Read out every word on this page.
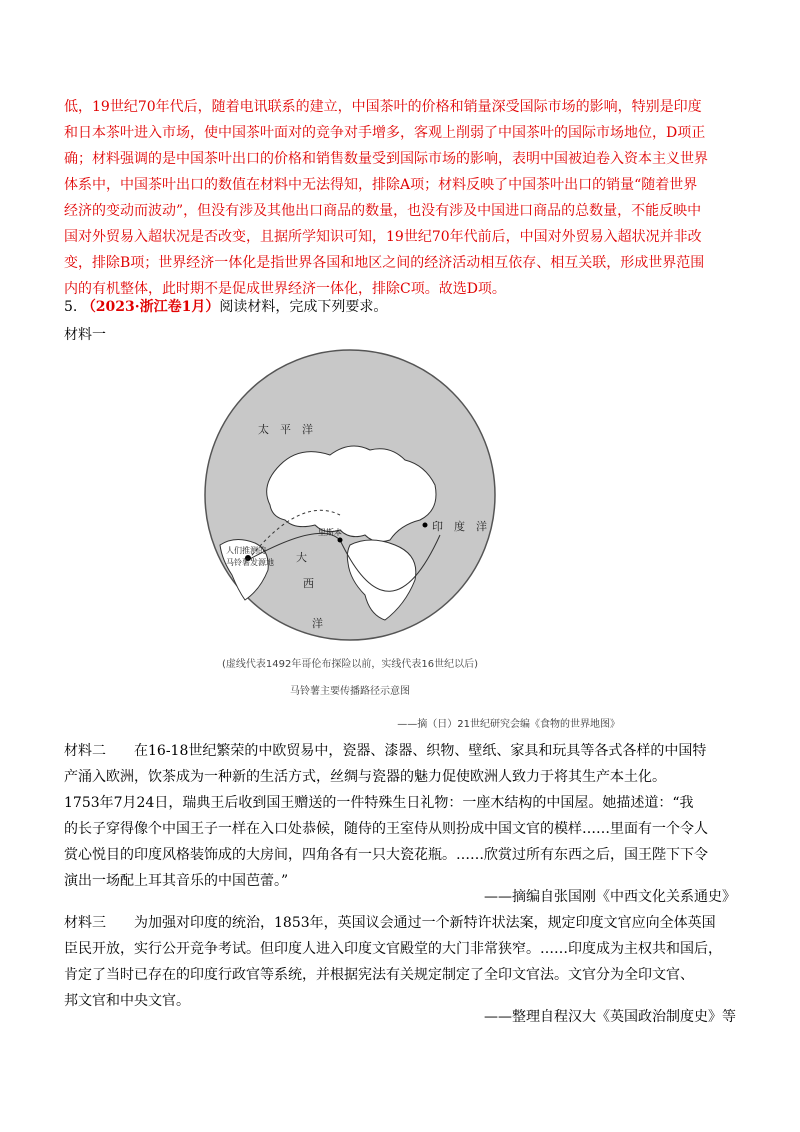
低，19世纪70年代后，随着电讯联系的建立，中国茶叶的价格和销量深受国际市场的影响，特别是印度
和日本茶叶进入市场，使中国茶叶面对的竞争对手增多，客观上削弱了中国茶叶的国际市场地位，D项正
确；材料强调的是中国茶叶出口的价格和销售数量受到国际市场的影响，表明中国被迫卷入资本主义世界
体系中，中国茶叶出口的数值在材料中无法得知，排除A项；材料反映了中国茶叶出口的销量“随着世界
经济的变动而波动”，但没有涉及其他出口商品的数量，也没有涉及中国进口商品的总数量，不能反映中
国对外贸易入超状况是否改变，且据所学知识可知，19世纪70年代前后，中国对外贸易入超状况并非改
变，排除B项；世界经济一体化是指世界各国和地区之间的经济活动相互依存、相互关联，形成世界范围
内的有机整体，此时期不是促成世界经济一体化，排除C项。故选D项。
5. （2023·浙江卷1月）阅读材料，完成下列要求。
材料一
太　平　洋
印　度　洋
大
西
洋
人们推测的
马铃薯发源地
里斯本
(虚线代表1492年哥伦布探险以前，实线代表16世纪以后)
马铃薯主要传播路径示意图
——摘（日）21世纪研究会编《食物的世界地图》
材料二 在16-18世纪繁荣的中欧贸易中，瓷器、漆器、织物、壁纸、家具和玩具等各式各样的中国特
产涌入欧洲，饮茶成为一种新的生活方式，丝绸与瓷器的魅力促使欧洲人致力于将其生产本土化。
1753年7月24日，瑞典王后收到国王赠送的一件特殊生日礼物：一座木结构的中国屋。她描述道：“我
的长子穿得像个中国王子一样在入口处恭候，随侍的王室侍从则扮成中国文官的模样……里面有一个令人
赏心悦目的印度风格装饰成的大房间，四角各有一只大瓷花瓶。……欣赏过所有东西之后，国王陛下下令
演出一场配上耳其音乐的中国芭蕾。”
——摘编自张国刚《中西文化关系通史》
材料三 为加强对印度的统治，1853年，英国议会通过一个新特许状法案，规定印度文官应向全体英国
臣民开放，实行公开竞争考试。但印度人进入印度文官殿堂的大门非常狭窄。……印度成为主权共和国后，
肯定了当时已存在的印度行政官等系统，并根据宪法有关规定制定了全印文官法。文官分为全印文官、
邦文官和中央文官。
——整理自程汉大《英国政治制度史》等
